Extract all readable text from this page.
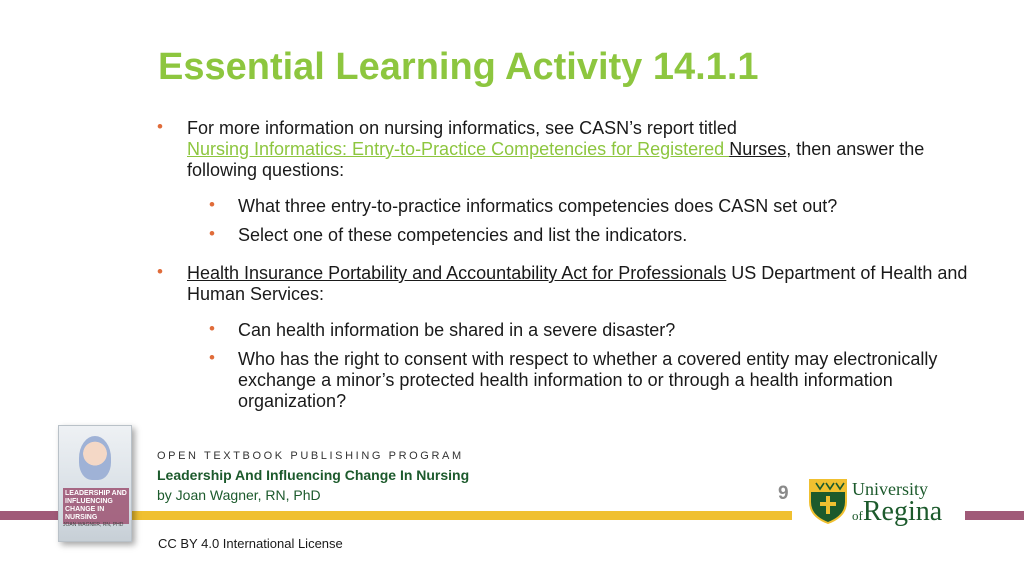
Essential Learning Activity 14.1.1
• For more information on nursing informatics, see CASN’s report titled
Nursing Informatics: Entry-to-Practice Competencies for Registered Nurses, then answer the following questions:
• What three entry-to-practice informatics competencies does CASN set out?
• Select one of these competencies and list the indicators.
• Health Insurance Portability and Accountability Act for Professionals US Department of Health and Human Services:
• Can health information be shared in a severe disaster?
• Who has the right to consent with respect to whether a covered entity may electronically exchange a minor’s protected health information to or through a health information organization?
LEADERSHIP AND INFLUENCING CHANGE IN NURSING
JOAN WAGNER, RN, PHD
OPEN TEXTBOOK PUBLISHING PROGRAM
Leadership And Influencing Change In Nursing
by Joan Wagner, RN, PhD
CC BY 4.0 International License
9	University
ofRegina
